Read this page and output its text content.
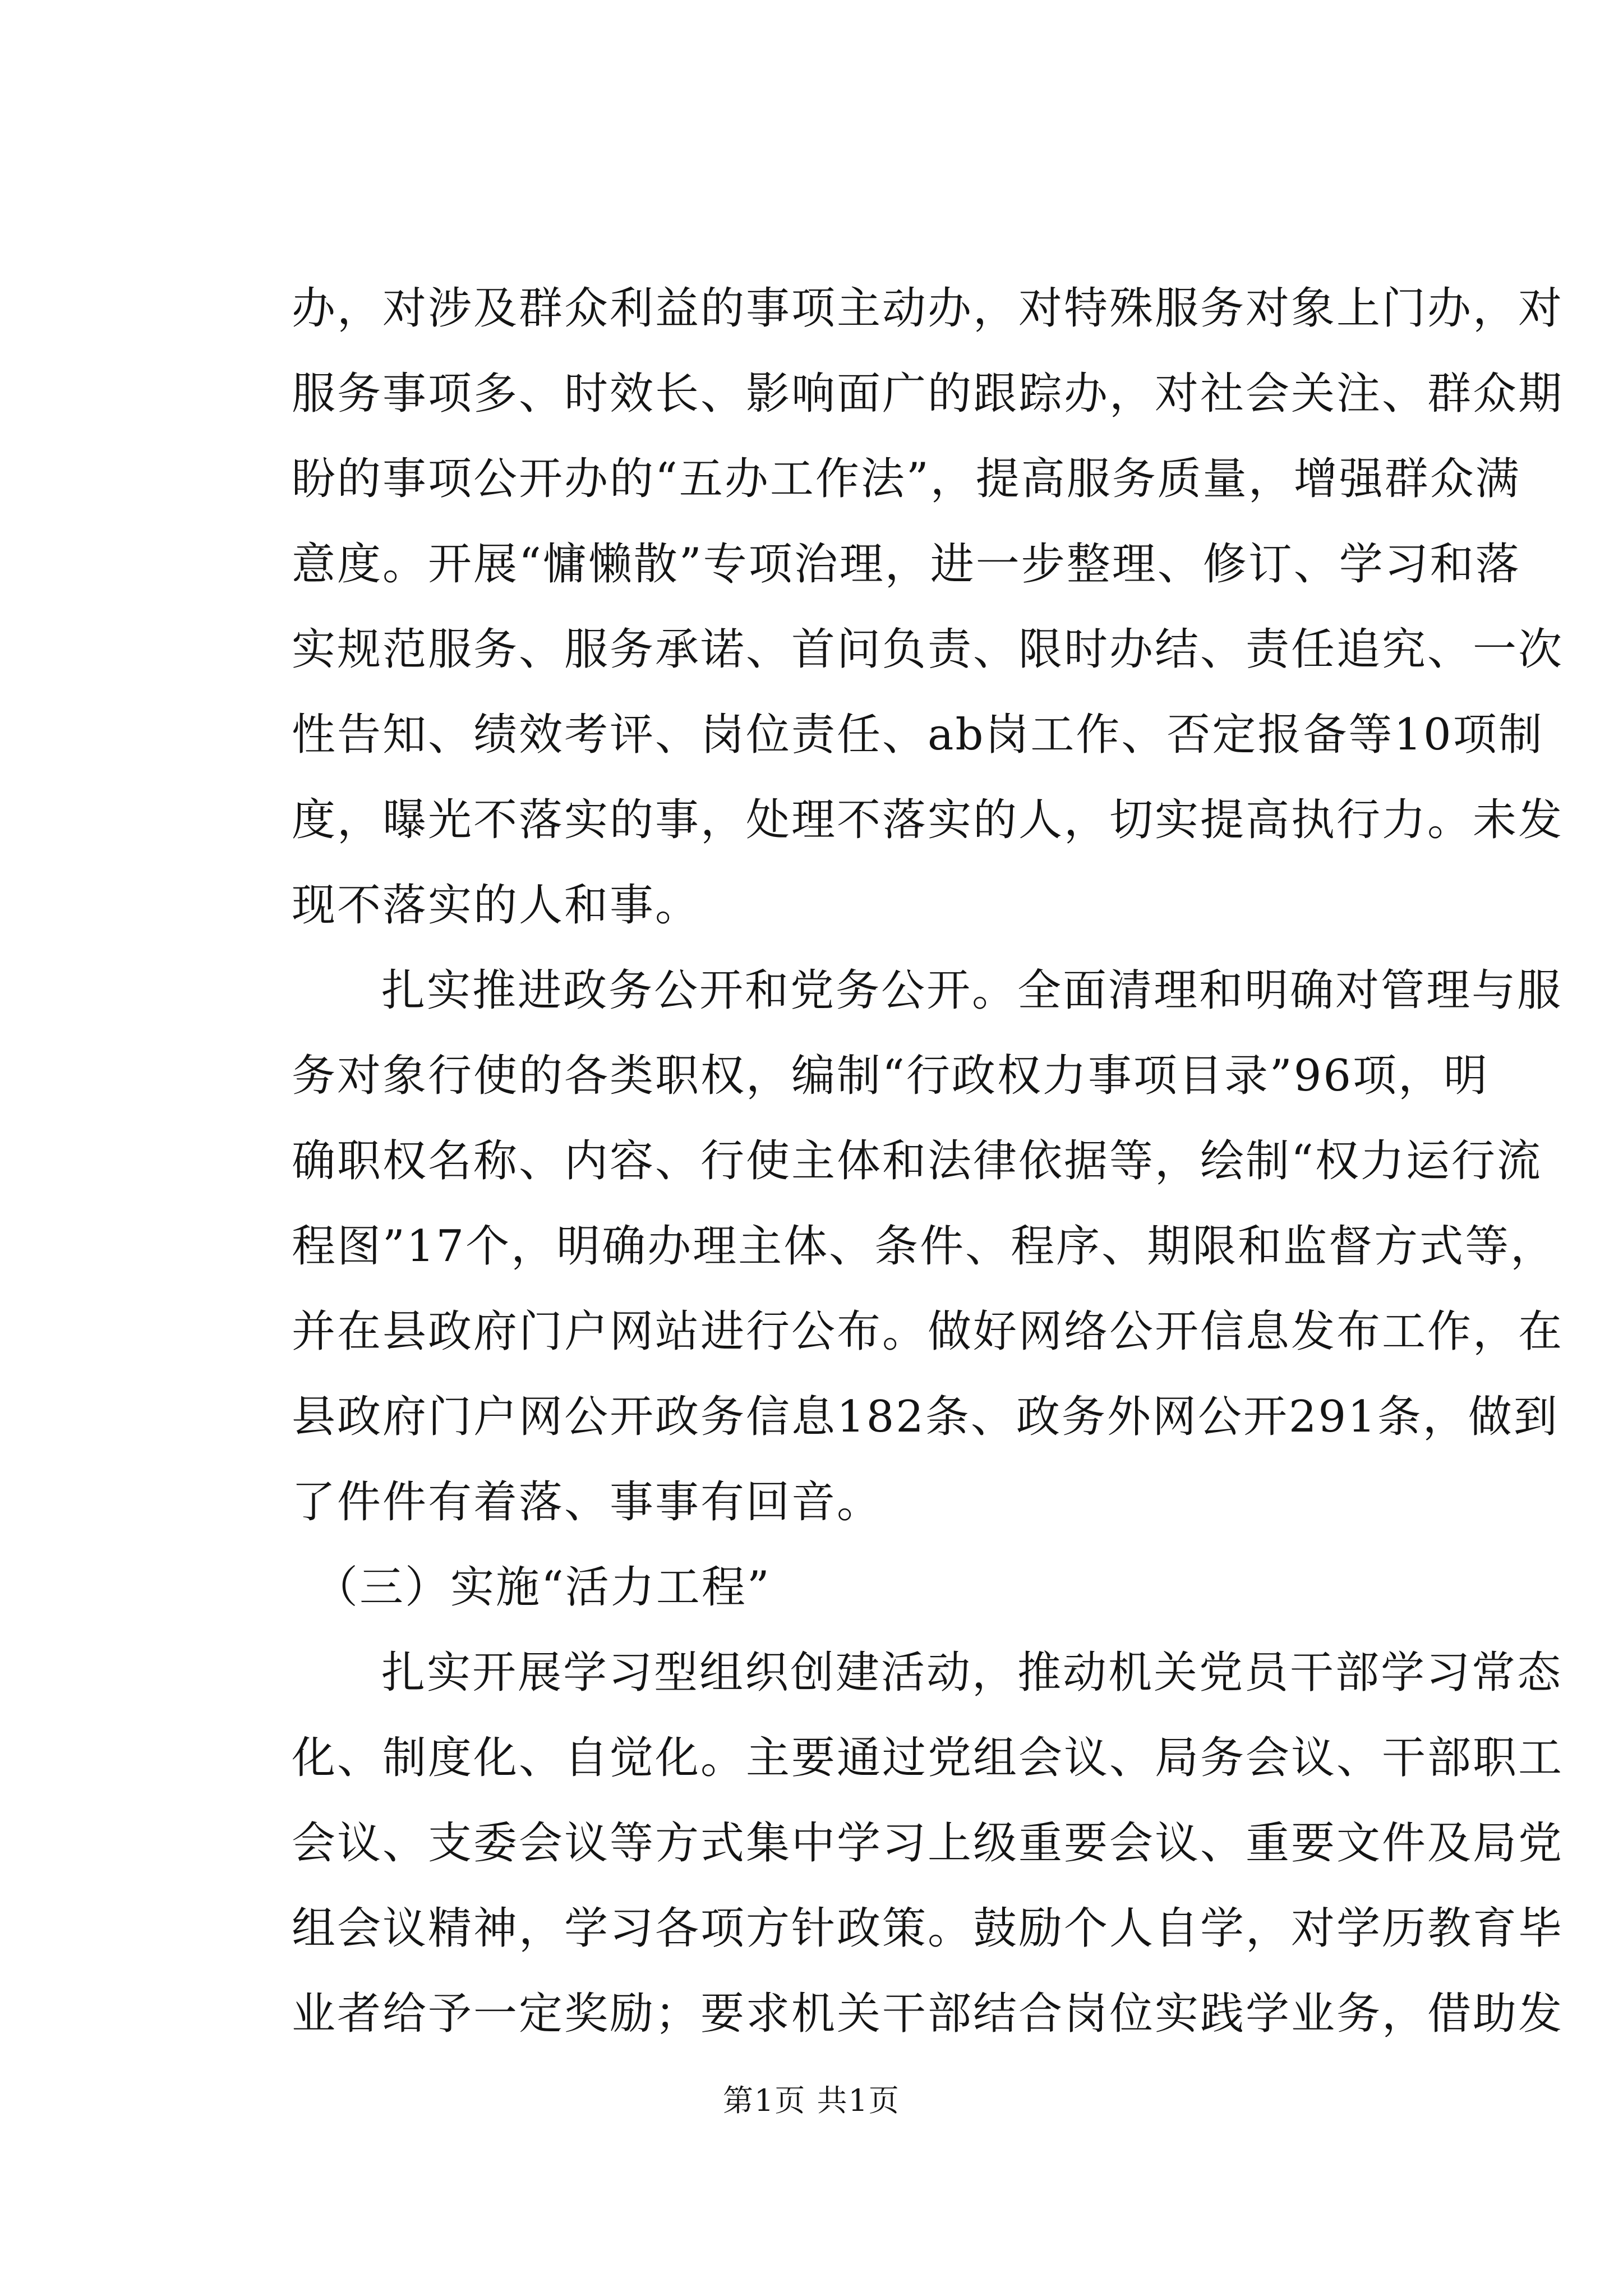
办，对涉及群众利益的事项主动办，对特殊服务对象上门办，对
服务事项多、时效长、影响面广的跟踪办，对社会关注、群众期
盼的事项公开办的“五办工作法”，提高服务质量，增强群众满
意度。开展“慵懒散”专项治理，进一步整理、修订、学习和落
实规范服务、服务承诺、首问负责、限时办结、责任追究、一次
性告知、绩效考评、岗位责任、ab岗工作、否定报备等10项制
度，曝光不落实的事，处理不落实的人，切实提高执行力。未发
现不落实的人和事。
扎实推进政务公开和党务公开。全面清理和明确对管理与服
务对象行使的各类职权，编制“行政权力事项目录”96项，明
确职权名称、内容、行使主体和法律依据等，绘制“权力运行流
程图”17个，明确办理主体、条件、程序、期限和监督方式等，
并在县政府门户网站进行公布。做好网络公开信息发布工作，在
县政府门户网公开政务信息182条、政务外网公开291条，做到
了件件有着落、事事有回音。
（三）实施“活力工程”
扎实开展学习型组织创建活动，推动机关党员干部学习常态
化、制度化、自觉化。主要通过党组会议、局务会议、干部职工
会议、支委会议等方式集中学习上级重要会议、重要文件及局党
组会议精神，学习各项方针政策。鼓励个人自学，对学历教育毕
业者给予一定奖励；要求机关干部结合岗位实践学业务，借助发
第1页 共1页
